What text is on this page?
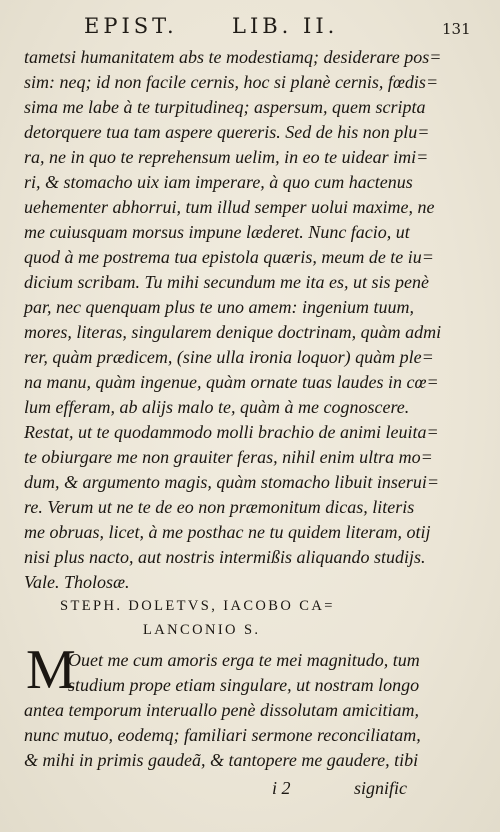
EPIST.	LIB. II.	131
tametsi humanitatem abs te modestiamq; desiderare pos=
sim: neq; id non facile cernis, hoc si planè cernis, fœdis=
sima me labe à te turpitudineq; aspersum, quem scripta
detorquere tua tam aspere quereris. Sed de his non plu=
ra, ne in quo te reprehensum uelim, in eo te uidear imi=
ri, & stomacho uix iam imperare, à quo cum hactenus
uehementer abhorrui, tum illud semper uolui maxime, ne
me cuiusquam morsus impune læderet. Nunc facio, ut
quod à me postrema tua epistola quæris, meum de te iu=
dicium scribam. Tu mihi secundum me ita es, ut sis penè
par, nec quenquam plus te uno amem: ingenium tuum,
mores, literas, singularem denique doctrinam, quàm admi
rer, quàm prædicem, (sine ulla ironia loquor) quàm ple=
na manu, quàm ingenue, quàm ornate tuas laudes in cœ=
lum efferam, ab alijs malo te, quàm à me cognoscere.
Restat, ut te quodammodo molli brachio de animi leuita=
te obiurgare me non grauiter feras, nihil enim ultra mo=
dum, & argumento magis, quàm stomacho libuit inserui=
re. Verum ut ne te de eo non præmonitum dicas, literis
me obruas, licet, à me posthac ne tu quidem literam, otij
nisi plus nacto, aut nostris intermißis aliquando studijs.
Vale. Tholosæ.
STEPH. DOLETVS, IACOBO CA=
LANCONIO S.
M
Ouet me cum amoris erga te mei magnitudo, tum
studium prope etiam singulare, ut nostram longo
antea temporum interuallo penè dissolutam amicitiam,
nunc mutuo, eodemq; familiari sermone reconciliatam,
& mihi in primis gaudeã, & tantopere me gaudere, tibi
i 2	signific
